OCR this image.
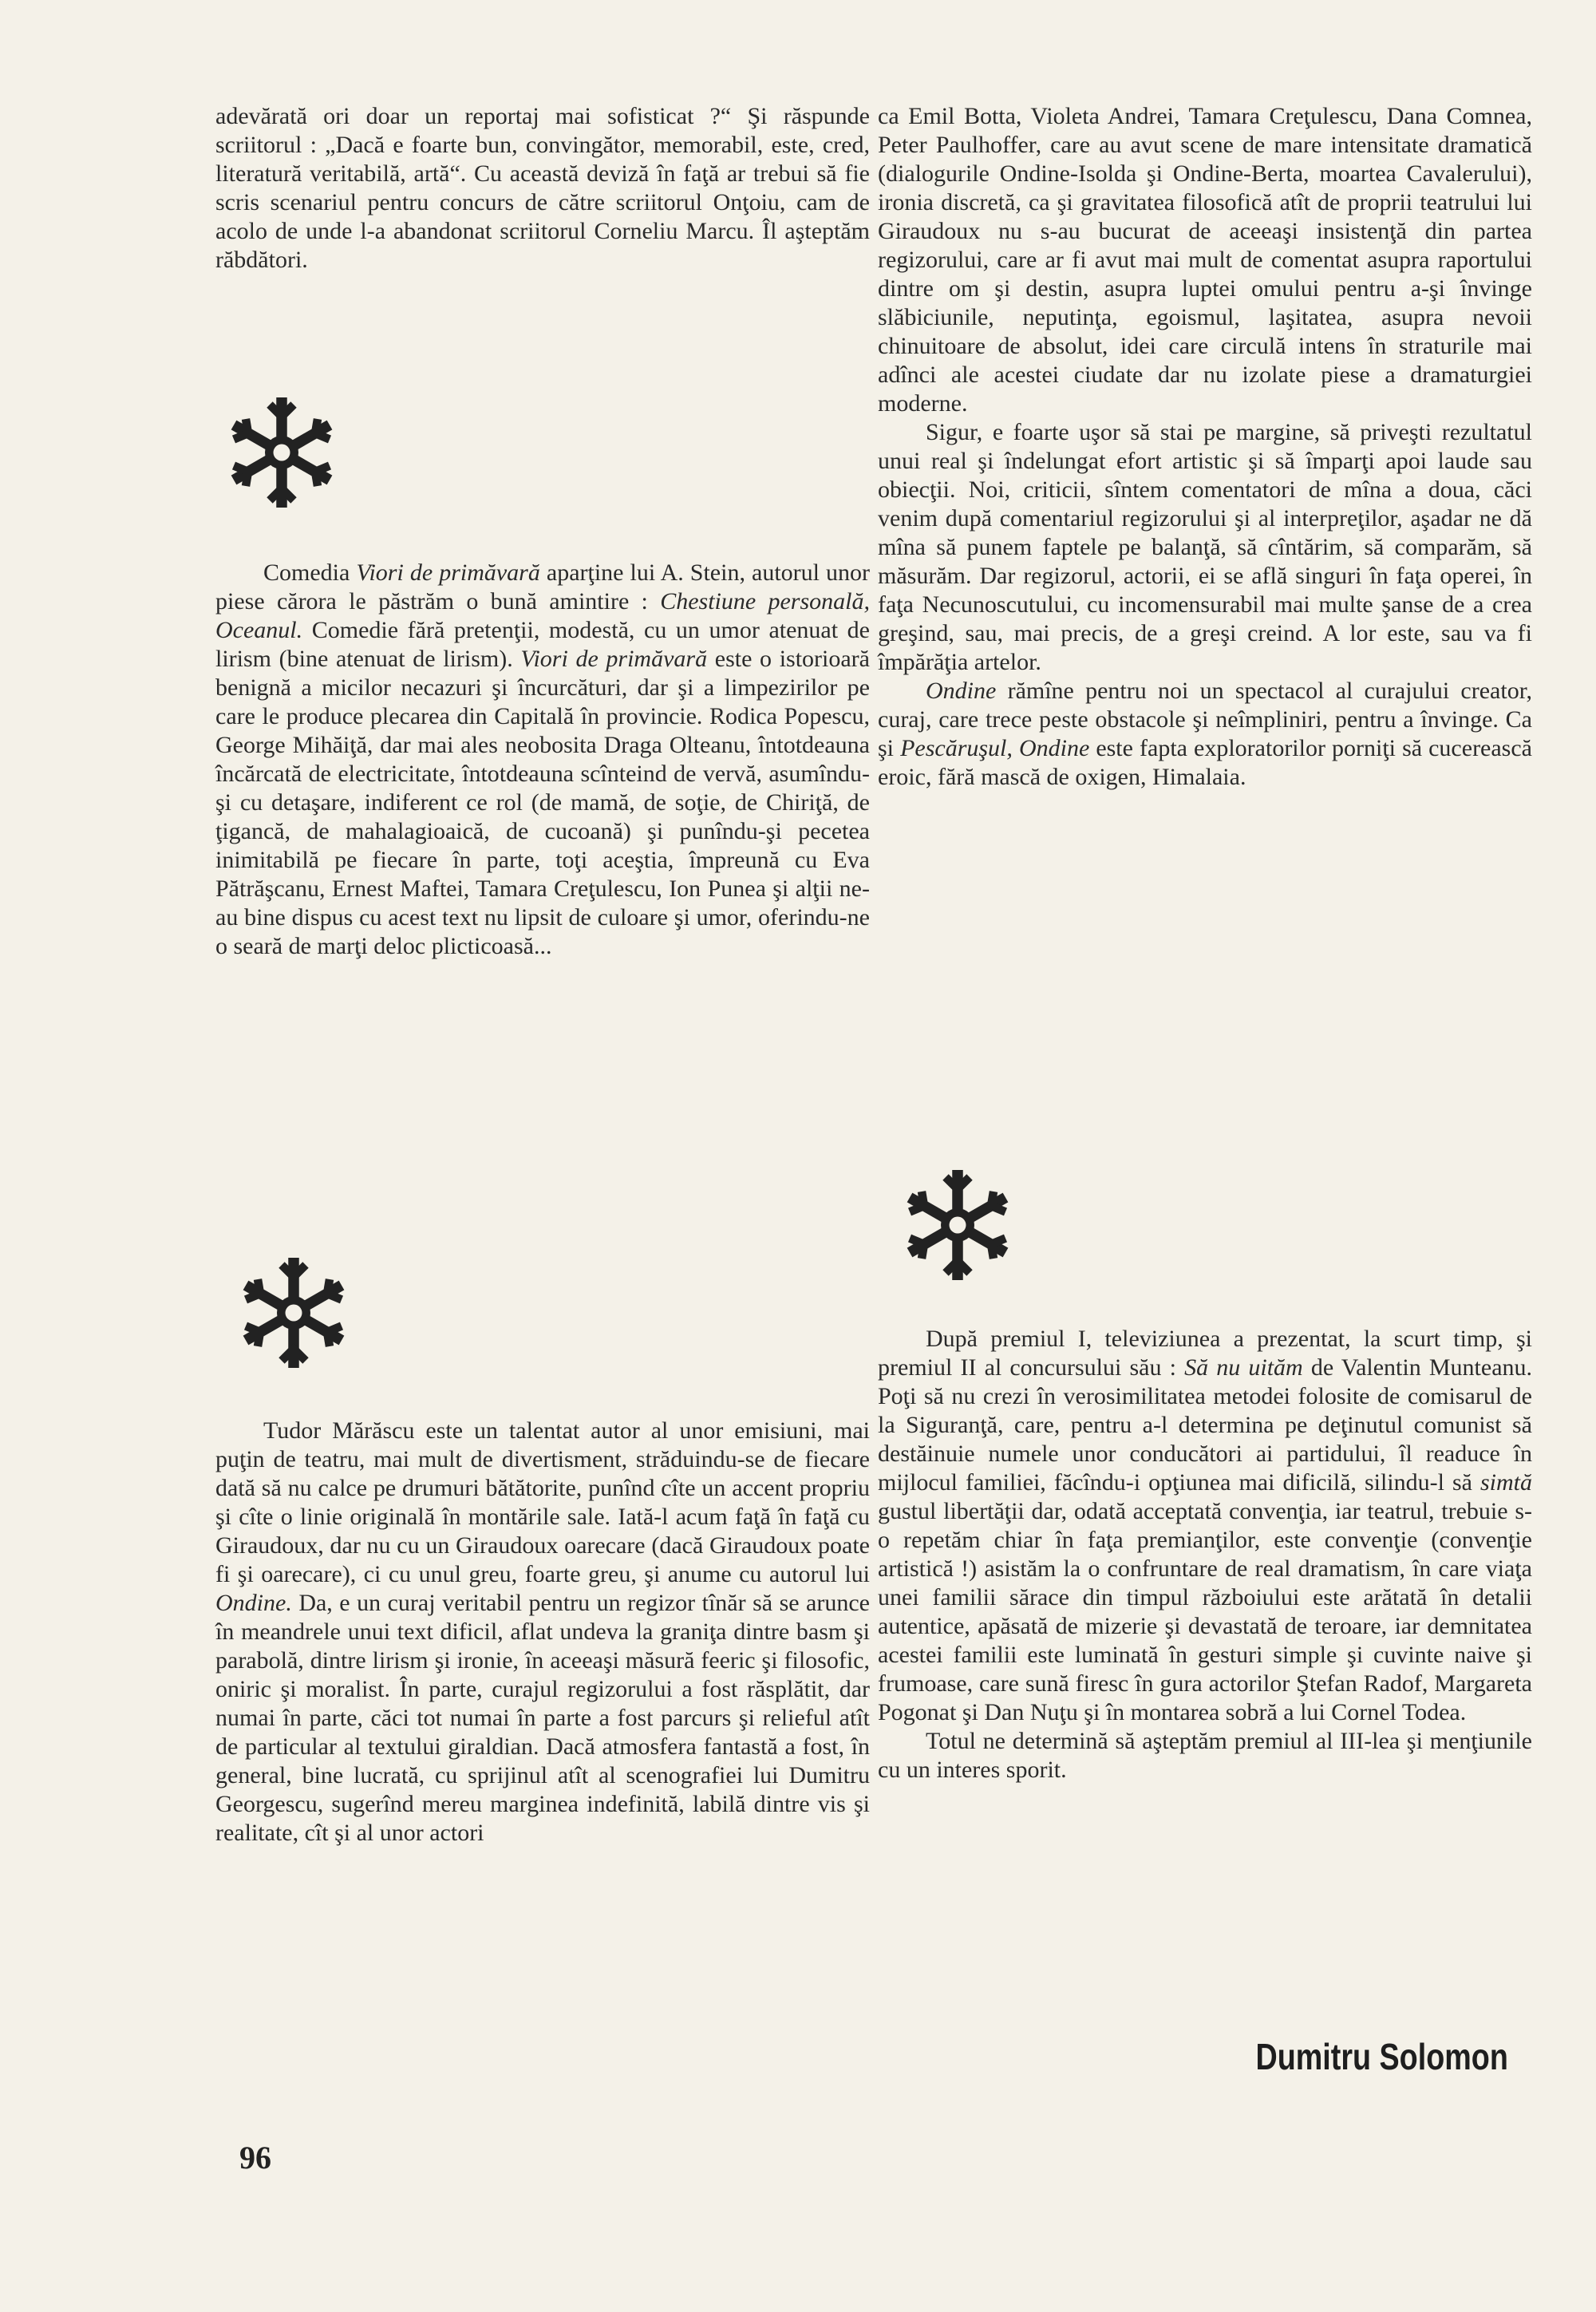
adevărată ori doar un reportaj mai sofisticat ?“ Şi răspunde scriitorul : „Dacă e foarte bun, convingător, memorabil, este, cred, literatură veritabilă, artă“. Cu această deviză în faţă ar trebui să fie scris scenariul pentru concurs de către scriitorul Onţoiu, cam de acolo de unde l-a abandonat scriitorul Corneliu Marcu. Îl aşteptăm răbdători.

Comedia Viori de primăvară aparţine lui A. Stein, autorul unor piese cărora le păstrăm o bună amintire : Chestiune personală, Oceanul. Comedie fără pretenţii, modestă, cu un umor atenuat de lirism (bine atenuat de lirism). Viori de primăvară este o istorioară benignă a micilor necazuri şi încurcături, dar şi a limpezirilor pe care le produce plecarea din Capitală în provincie. Rodica Popescu, George Mihăiţă, dar mai ales neobosita Draga Olteanu, întotdeauna încărcată de electricitate, întotdeauna scînteind de vervă, asumîndu-şi cu detaşare, indiferent ce rol (de mamă, de soţie, de Chiriţă, de ţigancă, de mahalagioaică, de cucoană) şi punîndu-şi pecetea inimitabilă pe fiecare în parte, toţi aceştia, împreună cu Eva Pătrăşcanu, Ernest Maftei, Tamara Creţulescu, Ion Punea şi alţii ne-au bine dispus cu acest text nu lipsit de culoare şi umor, oferindu-ne o seară de marţi deloc plicticoasă...

Tudor Mărăscu este un talentat autor al unor emisiuni, mai puţin de teatru, mai mult de divertisment, străduindu-se de fiecare dată să nu calce pe drumuri bătătorite, punînd cîte un accent propriu şi cîte o linie originală în montările sale. Iată-l acum faţă în faţă cu Giraudoux, dar nu cu un Giraudoux oarecare (dacă Giraudoux poate fi şi oarecare), ci cu unul greu, foarte greu, şi anume cu autorul lui Ondine. Da, e un curaj veritabil pentru un regizor tînăr să se arunce în meandrele unui text dificil, aflat undeva la graniţa dintre basm şi parabolă, dintre lirism şi ironie, în aceeaşi măsură feeric şi filosofic, oniric şi moralist. În parte, curajul regizorului a fost răsplătit, dar numai în parte, căci tot numai în parte a fost parcurs şi relieful atît de particular al textului giraldian. Dacă atmosfera fantastă a fost, în general, bine lucrată, cu sprijinul atît al scenografiei lui Dumitru Georgescu, sugerînd mereu marginea indefinită, labilă dintre vis şi realitate, cît şi al unor actori

ca Emil Botta, Violeta Andrei, Tamara Creţulescu, Dana Comnea, Peter Paulhoffer, care au avut scene de mare intensitate dramatică (dialogurile Ondine-Isolda şi Ondine-Berta, moartea Cavalerului), ironia discretă, ca şi gravitatea filosofică atît de proprii teatrului lui Giraudoux nu s-au bucurat de aceeaşi insistenţă din partea regizorului, care ar fi avut mai mult de comentat asupra raportului dintre om şi destin, asupra luptei omului pentru a-şi învinge slăbiciunile, neputinţa, egoismul, laşitatea, asupra nevoii chinuitoare de absolut, idei care circulă intens în straturile mai adînci ale acestei ciudate dar nu izolate piese a dramaturgiei moderne.

Sigur, e foarte uşor să stai pe margine, să priveşti rezultatul unui real şi îndelungat efort artistic şi să împarţi apoi laude sau obiecţii. Noi, criticii, sîntem comentatori de mîna a doua, căci venim după comentariul regizorului şi al interpreţilor, aşadar ne dă mîna să punem faptele pe balanţă, să cîntărim, să comparăm, să măsurăm. Dar regizorul, actorii, ei se află singuri în faţa operei, în faţa Necunoscutului, cu incomensurabil mai multe şanse de a crea greşind, sau, mai precis, de a greşi creind. A lor este, sau va fi împărăţia artelor.

Ondine rămîne pentru noi un spectacol al curajului creator, curaj, care trece peste obstacole şi neîmpliniri, pentru a învinge. Ca şi Pescăruşul, Ondine este fapta exploratorilor porniţi să cucerească eroic, fără mască de oxigen, Himalaia.

După premiul I, televiziunea a prezentat, la scurt timp, şi premiul II al concursului său : Să nu uităm de Valentin Munteanu. Poţi să nu crezi în verosimilitatea metodei folosite de comisarul de la Siguranţă, care, pentru a-l determina pe deţinutul comunist să destăinuie numele unor conducători ai partidului, îl readuce în mijlocul familiei, făcîndu-i opţiunea mai dificilă, silindu-l să simtă gustul libertăţii dar, odată acceptată convenţia, iar teatrul, trebuie s-o repetăm chiar în faţa premianţilor, este convenţie (convenţie artistică !) asistăm la o confruntare de real dramatism, în care viaţa unei familii sărace din timpul războiului este arătată în detalii autentice, apăsată de mizerie şi devastată de teroare, iar demnitatea acestei familii este luminată în gesturi simple şi cuvinte naive şi frumoase, care sună firesc în gura actorilor Ştefan Radof, Margareta Pogonat şi Dan Nuţu şi în montarea sobră a lui Cornel Todea.

Totul ne determină să aşteptăm premiul al III-lea şi menţiunile cu un interes sporit.

Dumitru Solomon
96
